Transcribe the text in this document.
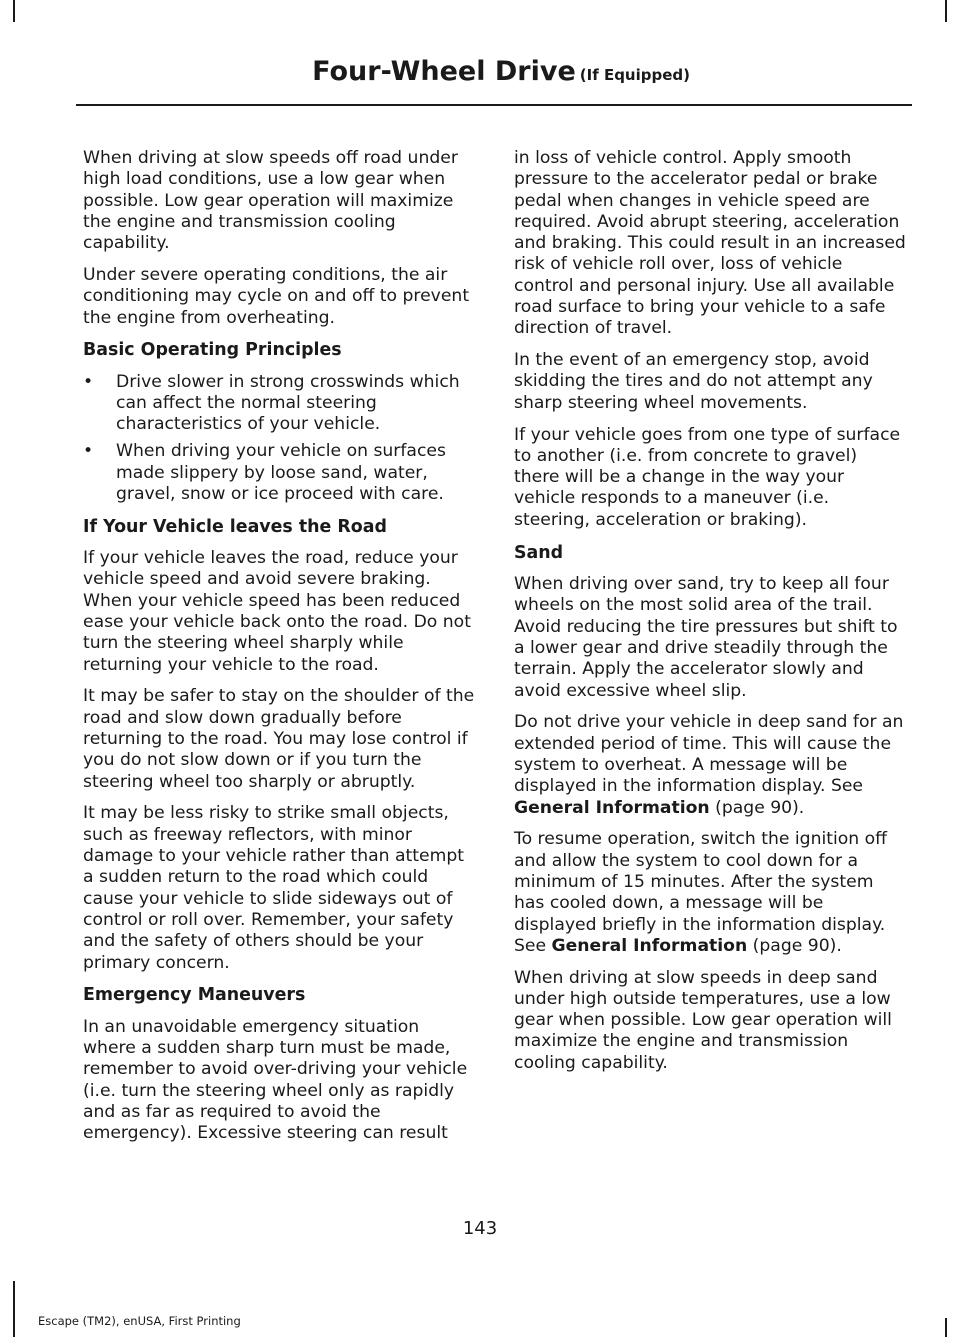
Four-Wheel Drive (If Equipped)

When driving at slow speeds off road under high load conditions, use a low gear when possible. Low gear operation will maximize the engine and transmission cooling capability.

Under severe operating conditions, the air conditioning may cycle on and off to prevent the engine from overheating.

Basic Operating Principles
• Drive slower in strong crosswinds which can affect the normal steering characteristics of your vehicle.
• When driving your vehicle on surfaces made slippery by loose sand, water, gravel, snow or ice proceed with care.
If Your Vehicle leaves the Road

If your vehicle leaves the road, reduce your vehicle speed and avoid severe braking. When your vehicle speed has been reduced ease your vehicle back onto the road. Do not turn the steering wheel sharply while returning your vehicle to the road.

It may be safer to stay on the shoulder of the road and slow down gradually before returning to the road. You may lose control if you do not slow down or if you turn the steering wheel too sharply or abruptly.

It may be less risky to strike small objects, such as freeway reflectors, with minor damage to your vehicle rather than attempt a sudden return to the road which could cause your vehicle to slide sideways out of control or roll over. Remember, your safety and the safety of others should be your primary concern.

Emergency Maneuvers

In an unavoidable emergency situation where a sudden sharp turn must be made, remember to avoid over-driving your vehicle (i.e. turn the steering wheel only as rapidly and as far as required to avoid the emergency). Excessive steering can result

in loss of vehicle control. Apply smooth pressure to the accelerator pedal or brake pedal when changes in vehicle speed are required. Avoid abrupt steering, acceleration and braking. This could result in an increased risk of vehicle roll over, loss of vehicle control and personal injury. Use all available road surface to bring your vehicle to a safe direction of travel.

In the event of an emergency stop, avoid skidding the tires and do not attempt any sharp steering wheel movements.

If your vehicle goes from one type of surface to another (i.e. from concrete to gravel) there will be a change in the way your vehicle responds to a maneuver (i.e. steering, acceleration or braking).

Sand

When driving over sand, try to keep all four wheels on the most solid area of the trail. Avoid reducing the tire pressures but shift to a lower gear and drive steadily through the terrain. Apply the accelerator slowly and avoid excessive wheel slip.

Do not drive your vehicle in deep sand for an extended period of time. This will cause the system to overheat. A message will be displayed in the information display. See General Information (page 90).

To resume operation, switch the ignition off and allow the system to cool down for a minimum of 15 minutes. After the system has cooled down, a message will be displayed briefly in the information display. See General Information (page 90).

When driving at slow speeds in deep sand under high outside temperatures, use a low gear when possible. Low gear operation will maximize the engine and transmission cooling capability.

143
Escape (TM2), enUSA, First Printing
